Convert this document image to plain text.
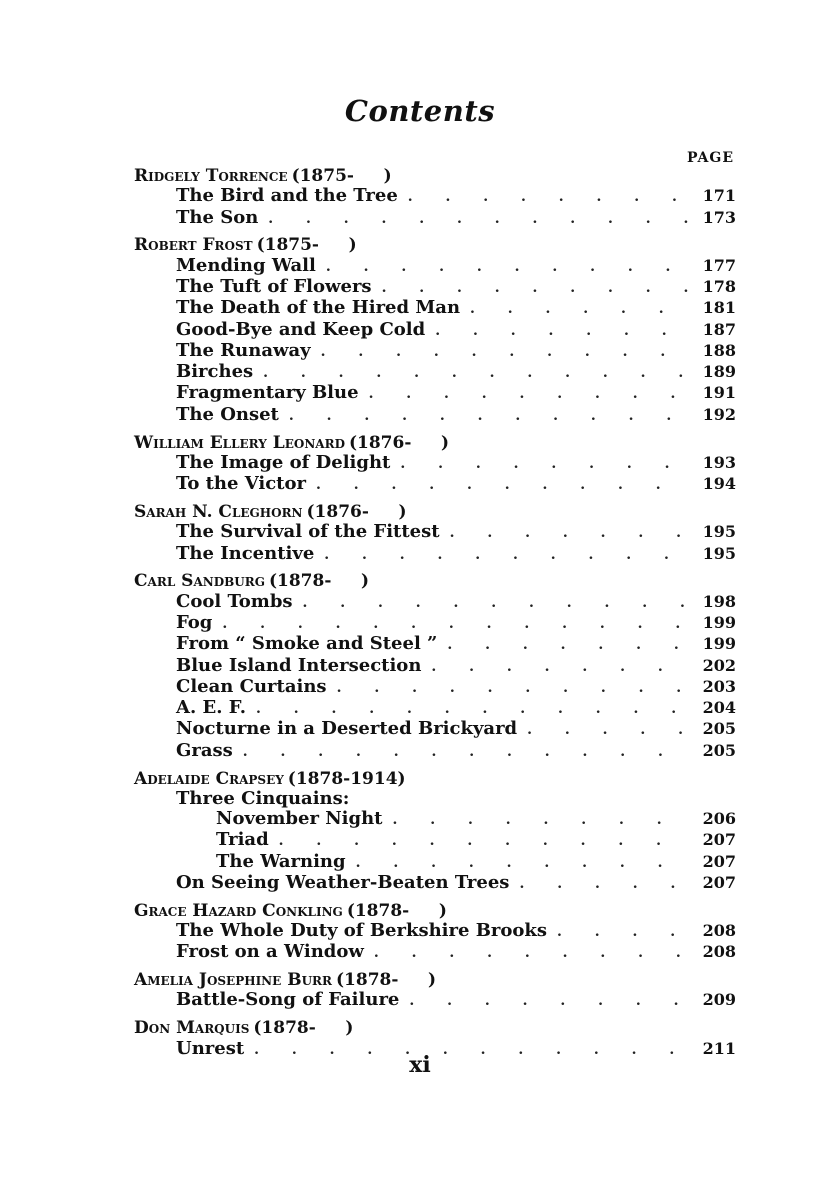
Contents
PAGE
Ridgely Torrence (1875-     )
The Bird and the Tree . . .	171
The Son . . .	173
Robert Frost (1875-     )
Mending Wall . . .	177
The Tuft of Flowers . . .	178
The Death of the Hired Man . . .	181
Good-Bye and Keep Cold . . .	187
The Runaway . . .	188
Birches . . .	189
Fragmentary Blue . . .	191
The Onset . . .	192
William Ellery Leonard (1876-     )
The Image of Delight . . .	193
To the Victor . . .	194
Sarah N. Cleghorn (1876-     )
The Survival of the Fittest . . .	195
The Incentive . . .	195
Carl Sandburg (1878-     )
Cool Tombs . . .	198
Fog . . .	199
From “ Smoke and Steel ” . . .	199
Blue Island Intersection . . .	202
Clean Curtains . . .	203
A. E. F. . . .	204
Nocturne in a Deserted Brickyard . . .	205
Grass . . .	205
Adelaide Crapsey (1878-1914)
Three Cinquains:
November Night . . .	206
Triad . . .	207
The Warning . . .	207
On Seeing Weather-Beaten Trees . . .	207
Grace Hazard Conkling (1878-     )
The Whole Duty of Berkshire Brooks . . .	208
Frost on a Window . . .	208
Amelia Josephine Burr (1878-     )
Battle-Song of Failure . . .	209
Don Marquis (1878-     )
Unrest . . .	211
xi
